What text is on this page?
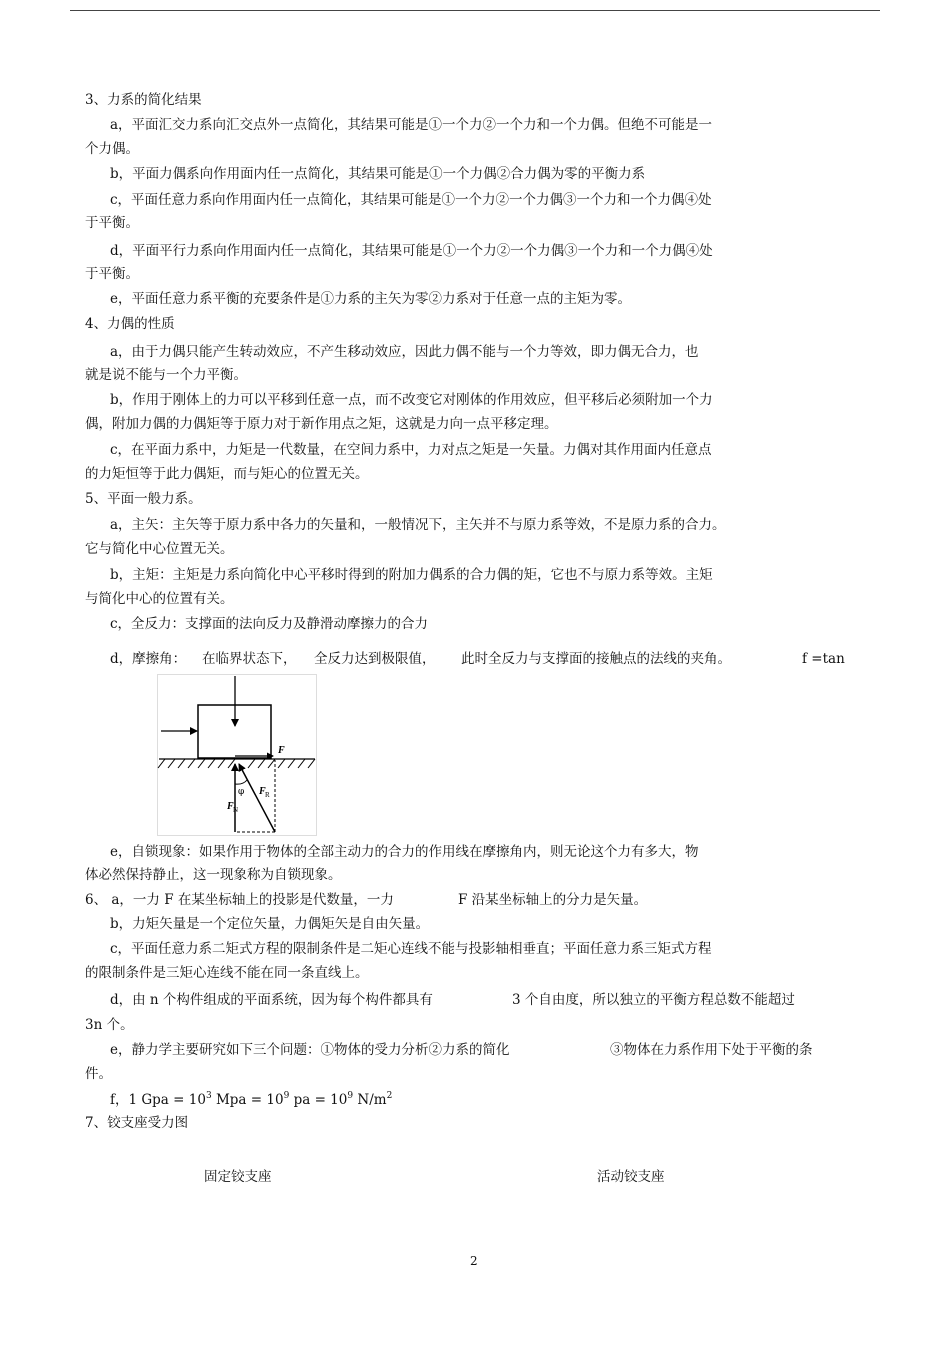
3、力系的简化结果
a，平面汇交力系向汇交点外一点简化，其结果可能是①一个力②一个力和一个力偶。但绝不可能是一
个力偶。
b，平面力偶系向作用面内任一点简化，其结果可能是①一个力偶②合力偶为零的平衡力系
c，平面任意力系向作用面内任一点简化，其结果可能是①一个力②一个力偶③一个力和一个力偶④处
于平衡。
d，平面平行力系向作用面内任一点简化，其结果可能是①一个力②一个力偶③一个力和一个力偶④处
于平衡。
e，平面任意力系平衡的充要条件是①力系的主矢为零②力系对于任意一点的主矩为零。
4、力偶的性质
a，由于力偶只能产生转动效应，不产生移动效应，因此力偶不能与一个力等效，即力偶无合力，也
就是说不能与一个力平衡。
b，作用于刚体上的力可以平移到任意一点，而不改变它对刚体的作用效应，但平移后必须附加一个力
偶，附加力偶的力偶矩等于原力对于新作用点之矩，这就是力向一点平移定理。
c，在平面力系中，力矩是一代数量，在空间力系中，力对点之矩是一矢量。力偶对其作用面内任意点
的力矩恒等于此力偶矩，而与矩心的位置无关。
5、平面一般力系。
a，主矢：主矢等于原力系中各力的矢量和，一般情况下，主矢并不与原力系等效，不是原力系的合力。
它与简化中心位置无关。
b，主矩：主矩是力系向简化中心平移时得到的附加力偶系的合力偶的矩，它也不与原力系等效。主矩
与简化中心的位置有关。
c，全反力：支撑面的法向反力及静滑动摩擦力的合力
d，摩擦角： 在临界状态下， 全反力达到极限值， 此时全反力与支撑面的接触点的法线的夹角。	f =tan
F
F N
F R
φ
e，自锁现象：如果作用于物体的全部主动力的合力的作用线在摩擦角内，则无论这个力有多大，物
体必然保持静止，这一现象称为自锁现象。
6、 a，一力 F 在某坐标轴上的投影是代数量，一力	F 沿某坐标轴上的分力是矢量。
b，力矩矢量是一个定位矢量，力偶矩矢是自由矢量。
c，平面任意力系二矩式方程的限制条件是二矩心连线不能与投影轴相垂直；平面任意力系三矩式方程
的限制条件是三矩心连线不能在同一条直线上。
d，由 n 个构件组成的平面系统，因为每个构件都具有	3 个自由度，所以独立的平衡方程总数不能超过
3n 个。
e，静力学主要研究如下三个问题：①物体的受力分析②力系的简化	③物体在力系作用下处于平衡的条
件。
f，1 Gpa = $10^3$ Mpa = $10^9$ pa = $10^9$ $N/m^2$
7、铰支座受力图
固定铰支座	活动铰支座
2
